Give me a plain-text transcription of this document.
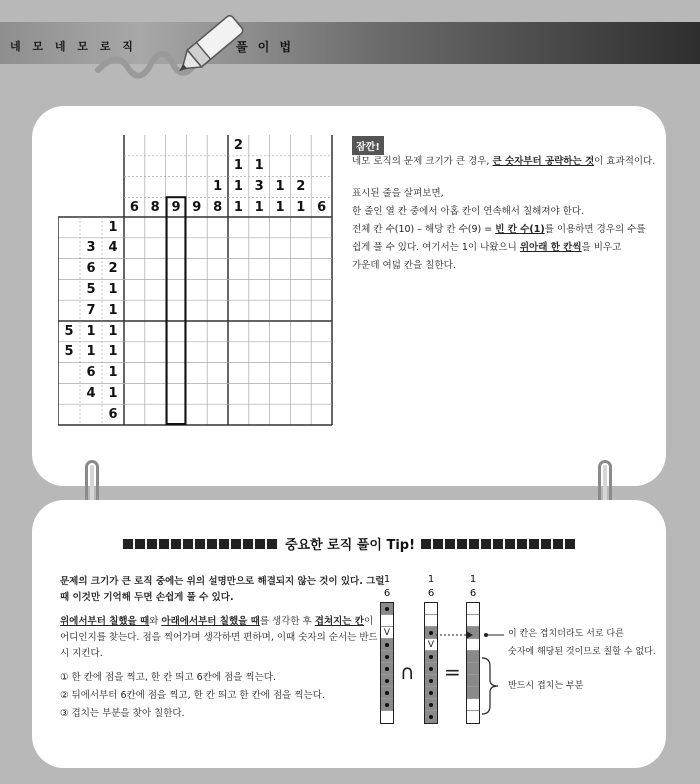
네 모 네 모 로 직	풀 이 법
2
1 1
1 1 3 1 2
6 8 9 9 8 1 1 1 1 6
1
3 4
6 2
5 1
7 1
5 1 1
5 1 1
6 1
4 1
6
잠깐!
네모 로직의 문제 크기가 큰 경우, 큰 숫자부터 공략하는 것이 효과적이다.
표시된 줄을 살펴보면,
한 줄인 열 칸 중에서 아홉 칸이 연속해서 칠해져야 한다.
전체 칸 수(10) – 해당 칸 수(9) = 빈 칸 수(1)를 이용하면 경우의 수를
쉽게 풀 수 있다. 여기서는 1이 나왔으니 위아래 한 칸씩을 비우고
가운데 여덟 칸을 칠한다.
중요한 로직 풀이 Tip!
문제의 크기가 큰 로직 중에는 위의 설명만으로 해결되지 않는 것이 있다. 그럴
때 이것만 기억해 두면 손쉽게 풀 수 있다.
위에서부터 칠했을 때와 아래에서부터 칠했을 때를 생각한 후 겹쳐지는 칸이
어디인지를 찾는다. 점을 찍어가며 생각하면 편하며, 이때 숫자의 순서는 반드
시 지킨다.
① 한 칸에 점을 찍고, 한 칸 띄고 6칸에 점을 찍는다.
② 뒤에서부터 6칸에 점을 찍고, 한 칸 띄고 한 칸에 점을 찍는다.
③ 겹치는 부분을 찾아 칠한다.
1
6
V
1
6
V
1
6
∩ =
이 칸은 겹치더라도 서로 다른
숫자에 해당된 것이므로 칠할 수 없다.
반드시 겹치는 부분
